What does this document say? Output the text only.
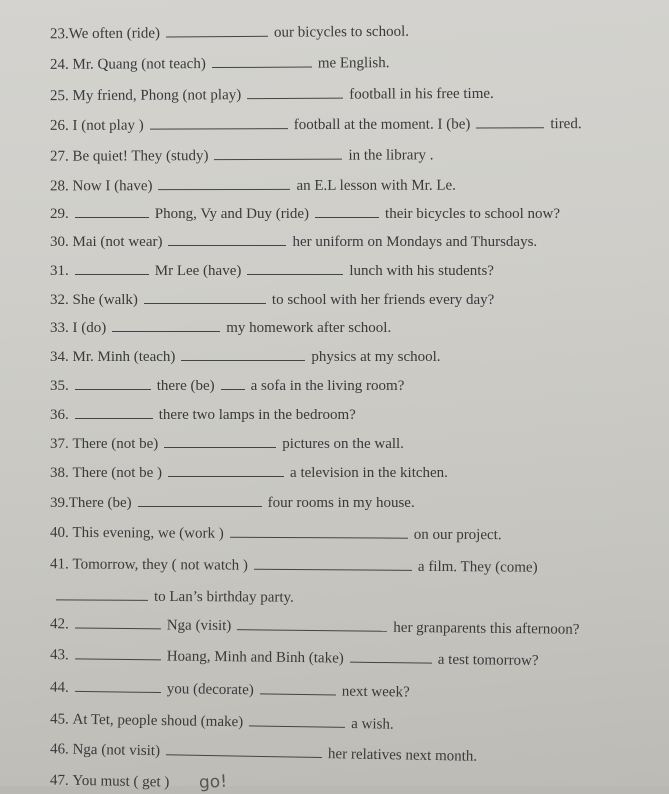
23. We often (ride)	our bicycles to school.
24.
Mr. Quang (not teach)	me English.
25.
My friend, Phong (not play)	football in his free time.
26.
I (not play )	football at the moment. I (be)	tired.
27.
Be quiet! They (study)	in the library .
28.
Now I (have)	an E.L lesson with Mr. Le.
29.	Phong, Vy and Duy (ride)	their bicycles to school now?
30.
Mai (not wear)	her uniform on Mondays and Thursdays.
31.	Mr Lee (have)	lunch with his students?
32.
She (walk)	to school with her friends every day?
33.
I (do)	my homework after school.
34.
Mr. Minh (teach)	physics at my school.
35.	there (be) a sofa in the living room?
36.	there two lamps in the bedroom?
37.
There (not be)	pictures on the wall.
38.
There (not be )	a television in the kitchen.
39. There (be)	four rooms in my house.
40.
This evening, we (work )	on our project.
41.
Tomorrow, they ( not watch )	a film. They (come)
to Lan’s birthday party.
42.	Nga (visit)	her granparents this afternoon?
43.	Hoang, Minh and Binh (take)	a test tomorrow?
44.	you (decorate)	next week?
45.
At Tet, people shoud (make)	a wish.
46.
Nga (not visit)	her relatives next month.
47.
You must ( get ) go!
